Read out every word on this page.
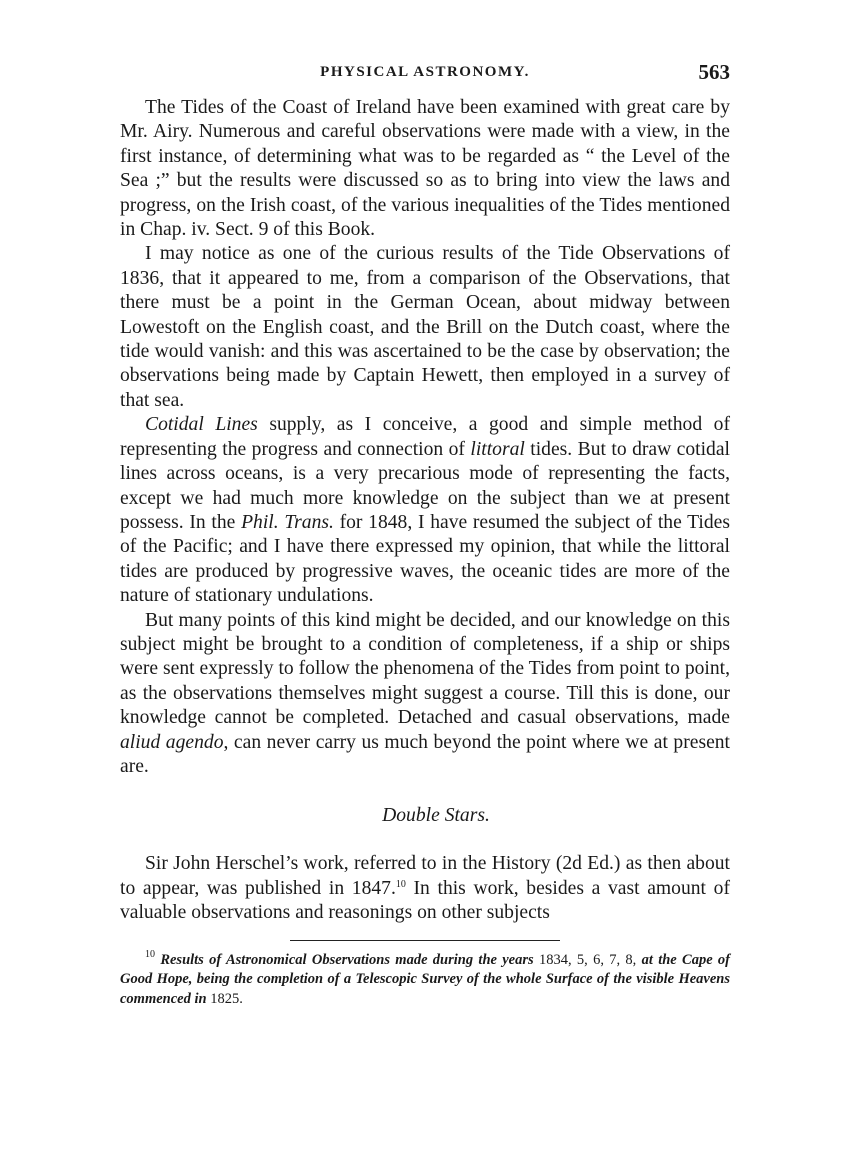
PHYSICAL ASTRONOMY.	563

The Tides of the Coast of Ireland have been examined with great care by Mr. Airy. Numerous and careful observations were made with a view, in the first instance, of determining what was to be regarded as “ the Level of the Sea ;” but the results were discussed so as to bring into view the laws and progress, on the Irish coast, of the various inequalities of the Tides mentioned in Chap. iv. Sect. 9 of this Book.

I may notice as one of the curious results of the Tide Observations of 1836, that it appeared to me, from a comparison of the Observations, that there must be a point in the German Ocean, about midway between Lowestoft on the English coast, and the Brill on the Dutch coast, where the tide would vanish: and this was ascertained to be the case by observation; the observations being made by Captain Hewett, then employed in a survey of that sea.

Cotidal Lines supply, as I conceive, a good and simple method of representing the progress and connection of littoral tides. But to draw cotidal lines across oceans, is a very precarious mode of representing the facts, except we had much more knowledge on the subject than we at present possess. In the Phil. Trans. for 1848, I have resumed the subject of the Tides of the Pacific; and I have there expressed my opinion, that while the littoral tides are produced by progressive waves, the oceanic tides are more of the nature of stationary undulations.

But many points of this kind might be decided, and our knowledge on this subject might be brought to a condition of completeness, if a ship or ships were sent expressly to follow the phenomena of the Tides from point to point, as the observations themselves might suggest a course. Till this is done, our knowledge cannot be completed. Detached and casual observations, made aliud agendo, can never carry us much beyond the point where we at present are.

Double Stars.

Sir John Herschel’s work, referred to in the History (2d Ed.) as then about to appear, was published in 1847.10 In this work, besides a vast amount of valuable observations and reasonings on other subjects

$^{10}$ Results of Astronomical Observations made during the years 1834, 5, 6, 7, 8, at the Cape of Good Hope, being the completion of a Telescopic Survey of the whole Surface of the visible Heavens commenced in 1825.
